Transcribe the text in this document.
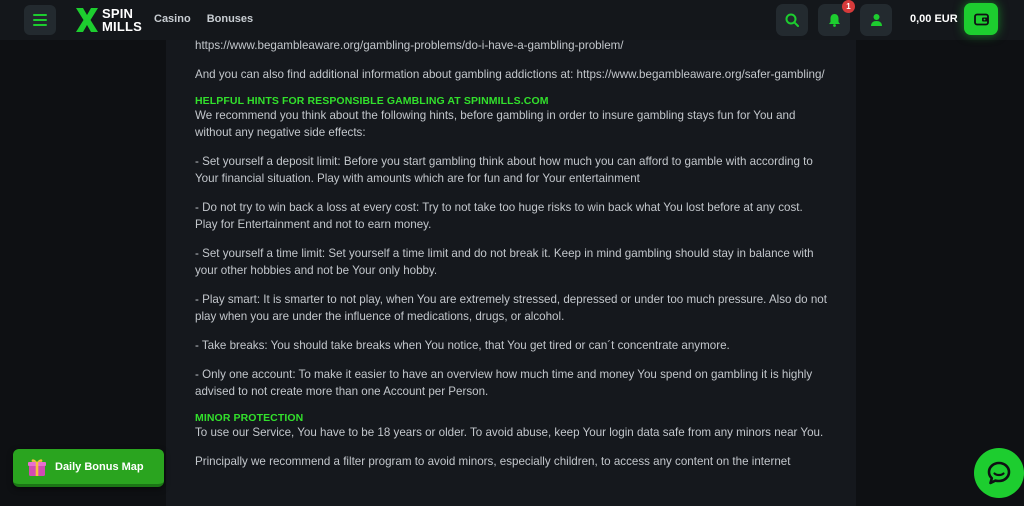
SPIN
MILLS Casino Bonuses
1
0,00 EUR

https://www.begambleaware.org/gambling-problems/do-i-have-a-gambling-problem/

And you can also find additional information about gambling addictions at: https://www.begambleaware.org/safer-gambling/

HELPFUL HINTS FOR RESPONSIBLE GAMBLING AT SPINMILLS.COM

We recommend you think about the following hints, before gambling in order to insure gambling stays fun for You and without any negative side effects:

- Set yourself a deposit limit: Before you start gambling think about how much you can afford to gamble with according to Your financial situation. Play with amounts which are for fun and for Your entertainment

- Do not try to win back a loss at every cost: Try to not take too huge risks to win back what You lost before at any cost. Play for Entertainment and not to earn money.

- Set yourself a time limit: Set yourself a time limit and do not break it. Keep in mind gambling should stay in balance with your other hobbies and not be Your only hobby.

- Play smart: It is smarter to not play, when You are extremely stressed, depressed or under too much pressure. Also do not play when you are under the influence of medications, drugs, or alcohol.

- Take breaks: You should take breaks when You notice, that You get tired or can´t concentrate anymore.

- Only one account: To make it easier to have an overview how much time and money You spend on gambling it is highly advised to not create more than one Account per Person.

MINOR PROTECTION

To use our Service, You have to be 18 years or older. To avoid abuse, keep Your login data safe from any minors near You.

Principally we recommend a filter program to avoid minors, especially children, to access any content on the internet

Daily Bonus Map
